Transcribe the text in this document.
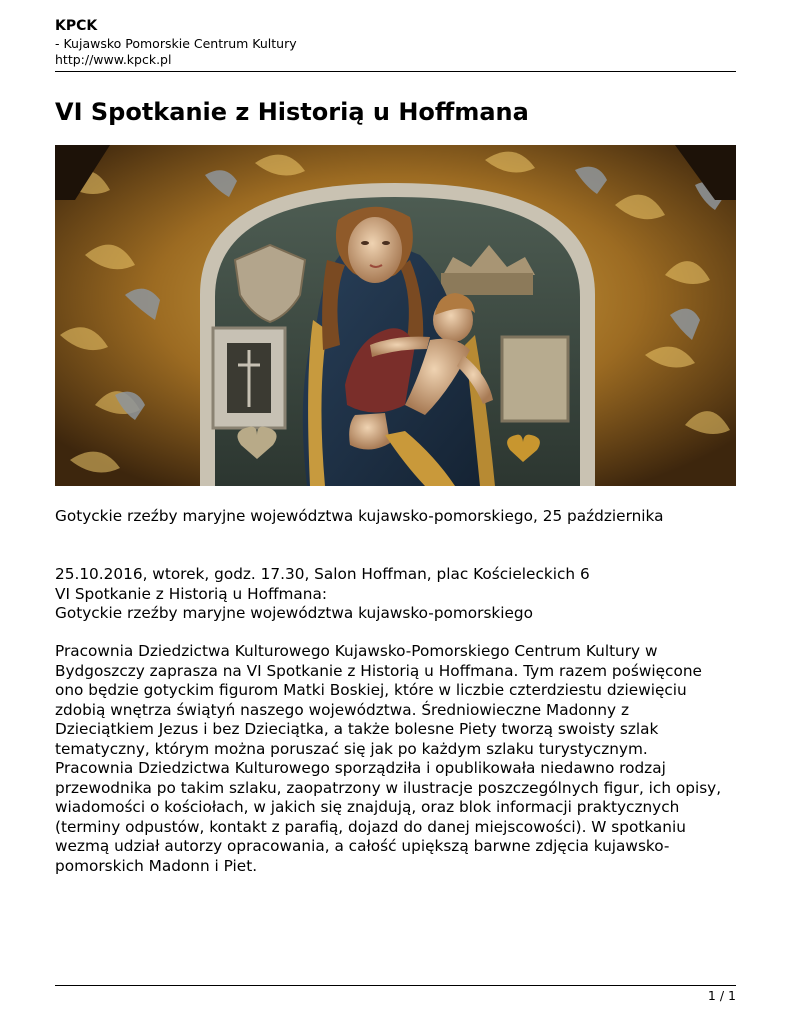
KPCK
- Kujawsko Pomorskie Centrum Kultury
http://www.kpck.pl
VI Spotkanie z Historią u Hoffmana

Gotyckie rzeźby maryjne województwa kujawsko-pomorskiego, 25 października

25.10.2016, wtorek, godz. 17.30, Salon Hoffman, plac Kościeleckich 6
VI Spotkanie z Historią u Hoffmana:
Gotyckie rzeźby maryjne województwa kujawsko-pomorskiego
Pracownia Dziedzictwa Kulturowego Kujawsko-Pomorskiego Centrum Kultury w
Bydgoszczy zaprasza na VI Spotkanie z Historią u Hoffmana. Tym razem poświęcone
ono będzie gotyckim figurom Matki Boskiej, które w liczbie czterdziestu dziewięciu
zdobią wnętrza świątyń naszego województwa. Średniowieczne Madonny z
Dzieciątkiem Jezus i bez Dzieciątka, a także bolesne Piety tworzą swoisty szlak
tematyczny, którym można poruszać się jak po każdym szlaku turystycznym.
Pracownia Dziedzictwa Kulturowego sporządziła i opublikowała niedawno rodzaj
przewodnika po takim szlaku, zaopatrzony w ilustracje poszczególnych figur, ich opisy,
wiadomości o kościołach, w jakich się znajdują, oraz blok informacji praktycznych
(terminy odpustów, kontakt z parafią, dojazd do danej miejscowości). W spotkaniu
wezmą udział autorzy opracowania, a całość upiększą barwne zdjęcia kujawsko-
pomorskich Madonn i Piet.
1 / 1
